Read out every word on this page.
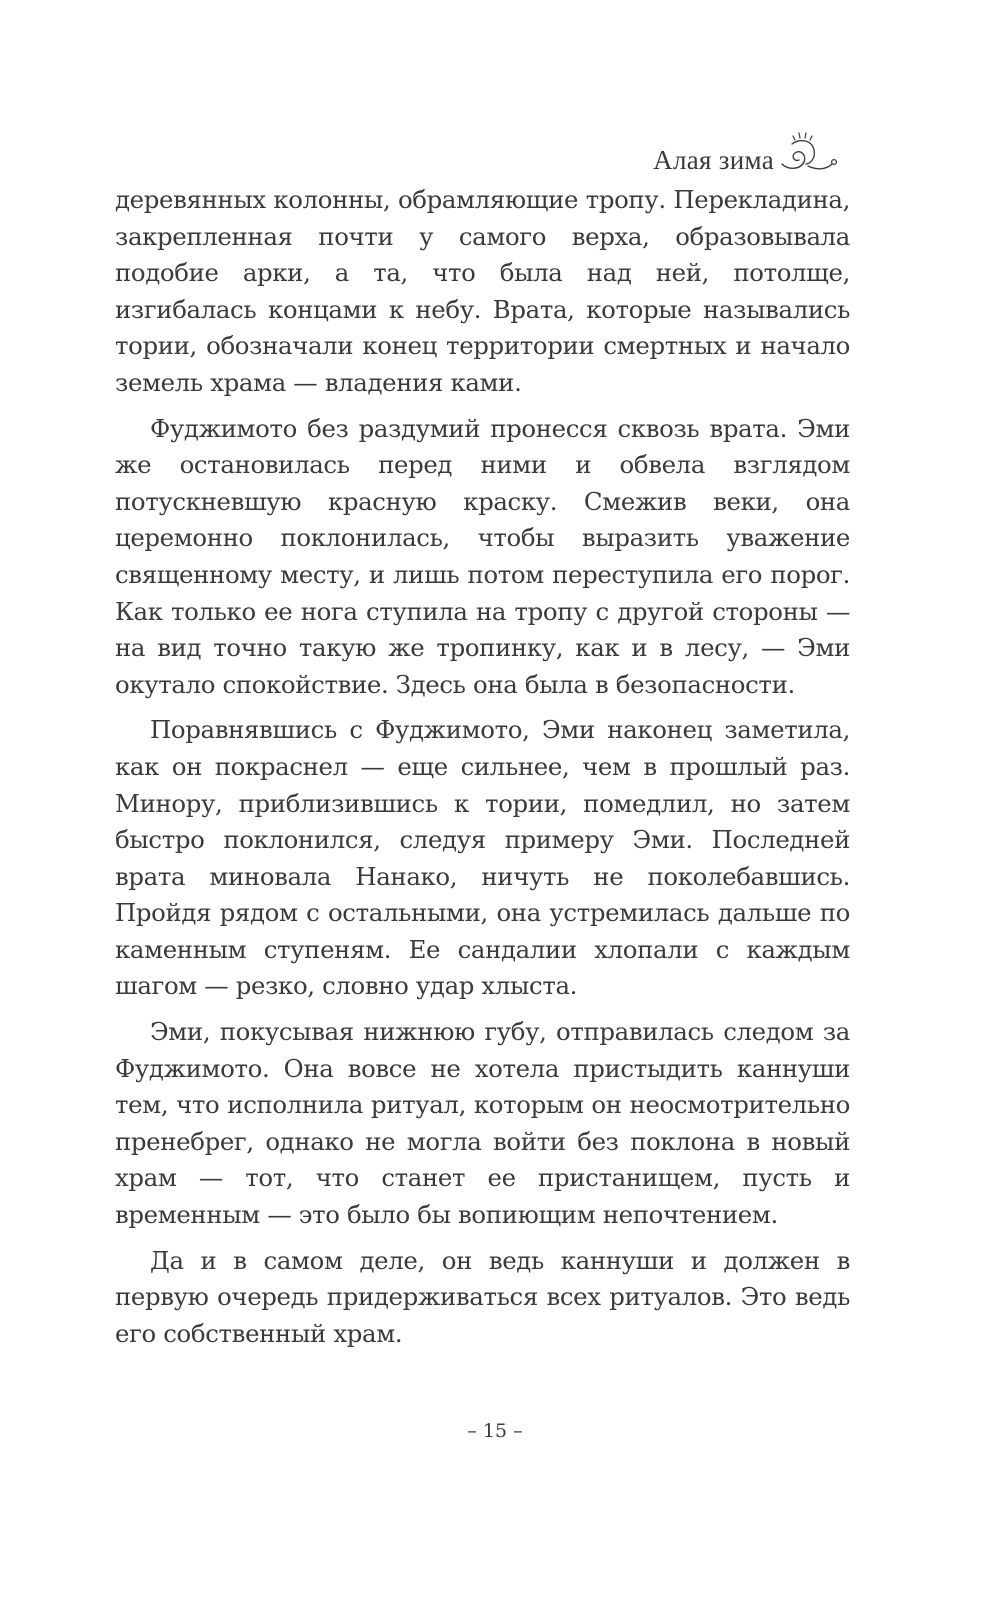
Алая зима

деревянных колонны, обрамляющие тропу. Перекладина, закрепленная почти у самого верха, образовывала подобие арки, а та, что была над ней, потолще, изгибалась концами к небу. Врата, которые назывались тории, обозначали конец территории смертных и начало земель храма — владения ками.

Фуджимото без раздумий пронесся сквозь врата. Эми же остановилась перед ними и обвела взглядом потускневшую красную краску. Смежив веки, она церемонно поклонилась, чтобы выразить уважение священному месту, и лишь потом переступила его порог. Как только ее нога ступила на тропу с другой стороны — на вид точно такую же тропинку, как и в лесу, — Эми окутало спокойствие. Здесь она была в безопасности.

Поравнявшись с Фуджимото, Эми наконец заметила, как он покраснел — еще сильнее, чем в прошлый раз. Минору, приблизившись к тории, помедлил, но затем быстро поклонился, следуя примеру Эми. Последней врата миновала Нанако, ничуть не поколебавшись. Пройдя рядом с остальными, она устремилась дальше по каменным ступеням. Ее сандалии хлопали с каждым шагом — резко, словно удар хлыста.

Эми, покусывая нижнюю губу, отправилась следом за Фуджимото. Она вовсе не хотела пристыдить каннуши тем, что исполнила ритуал, которым он неосмотрительно пренебрег, однако не могла войти без поклона в новый храм — тот, что станет ее пристанищем, пусть и временным — это было бы вопиющим непочтением.

Да и в самом деле, он ведь каннуши и должен в первую очередь придерживаться всех ритуалов. Это ведь его собственный храм.

– 15 –
